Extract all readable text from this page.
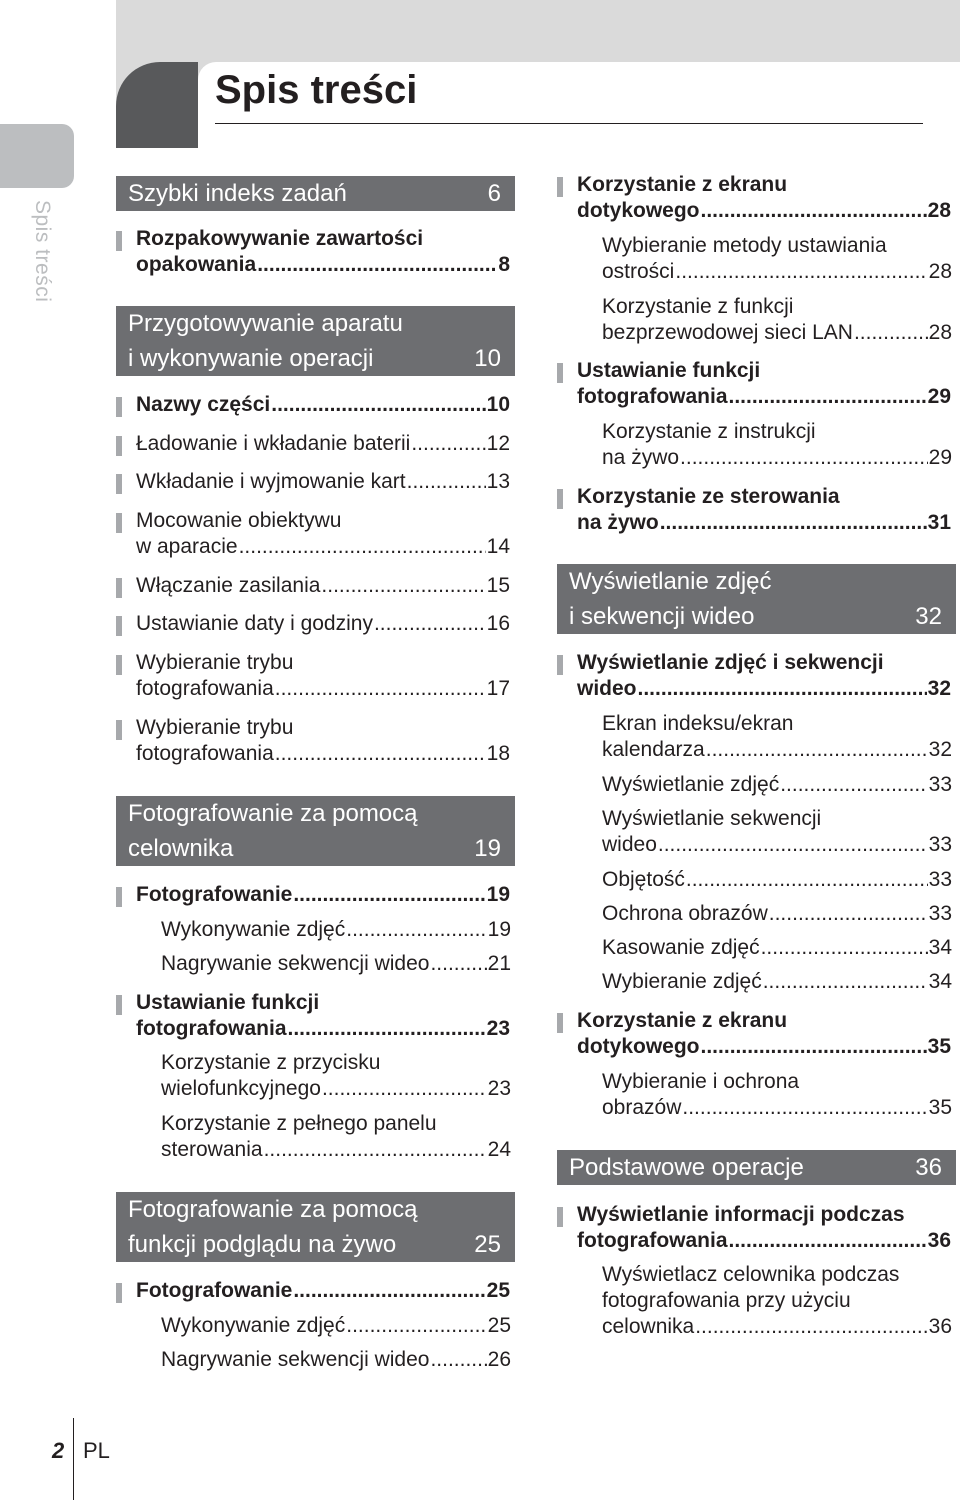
Spis treści
Spis treści
Szybki indeks zadań	6
Rozpakowywanie zawartości
opakowania .....	8
Przygotowywanie aparatu
i wykonywanie operacji	10
Nazwy części .....	10
Ładowanie i wkładanie baterii .....	12
Wkładanie i wyjmowanie kart .....	13
Mocowanie obiektywu
w aparacie .....	14
Włączanie zasilania .....	15
Ustawianie daty i godziny .....	16
Wybieranie trybu
fotografowania .....	17
Wybieranie trybu
fotografowania .....	18
Fotografowanie za pomocą
celownika	19
Fotografowanie .....	19
Wykonywanie zdjęć .....	19
Nagrywanie sekwencji wideo .....	21
Ustawianie funkcji
fotografowania .....	23
Korzystanie z przycisku
wielofunkcyjnego .....	23
Korzystanie z pełnego panelu
sterowania .....	24
Fotografowanie za pomocą
funkcji podglądu na żywo	25
Fotografowanie .....	25
Wykonywanie zdjęć .....	25
Nagrywanie sekwencji wideo .....	26
Korzystanie z ekranu
dotykowego .....	28
Wybieranie metody ustawiania
ostrości .....	28
Korzystanie z funkcji
bezprzewodowej sieci LAN .....	28
Ustawianie funkcji
fotografowania .....	29
Korzystanie z instrukcji
na żywo .....	29
Korzystanie ze sterowania
na żywo .....	31
Wyświetlanie zdjęć
i sekwencji wideo	32
Wyświetlanie zdjęć i sekwencji
wideo .....	32
Ekran indeksu/ekran
kalendarza .....	32
Wyświetlanie zdjęć .....	33
Wyświetlanie sekwencji
wideo .....	33
Objętość .....	33
Ochrona obrazów .....	33
Kasowanie zdjęć .....	34
Wybieranie zdjęć .....	34
Korzystanie z ekranu
dotykowego .....	35
Wybieranie i ochrona
obrazów .....	35
Podstawowe operacje	36
Wyświetlanie informacji podczas
fotografowania .....	36
Wyświetlacz celownika podczas
fotografowania przy użyciu
celownika .....	36
2 PL
